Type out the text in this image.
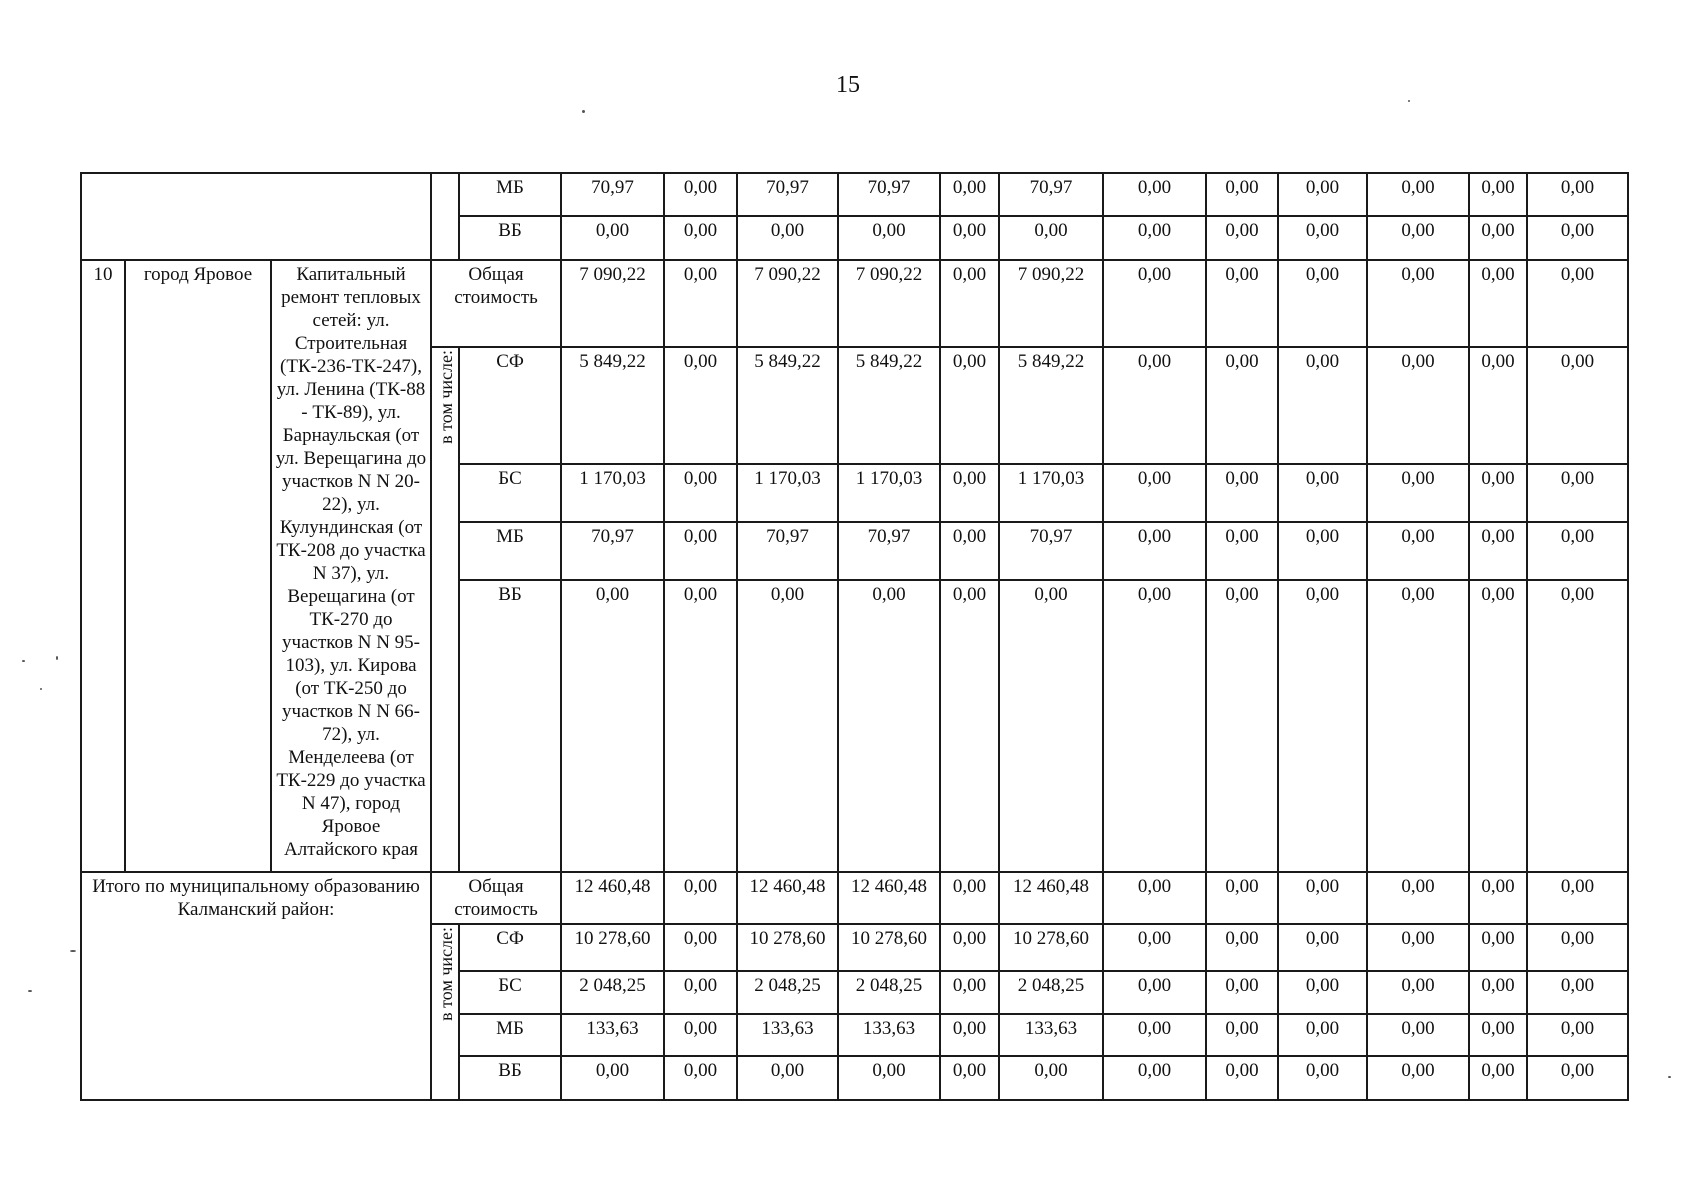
15
				МБ	70,97	0,00	70,97	70,97	0,00	70,97	0,00	0,00	0,00	0,00	0,00	0,00
				ВБ	0,00	0,00	0,00	0,00	0,00	0,00	0,00	0,00	0,00	0,00	0,00	0,00
10	город Яровое	Капитальный ремонт тепловых сетей: ул. Строительная (ТК-236-ТК-247), ул. Ленина (ТК-88 - ТК-89), ул. Барнаульская (от ул. Верещагина до участков N N 20-22), ул. Кулундинская (от ТК-208 до участка N 37), ул. Верещагина (от ТК-270 до участков N N 95-103), ул. Кирова (от ТК-250 до участков N N 66-72), ул. Менделеева (от ТК-229 до участка N 47), город Яровое Алтайского края	Общая стоимость		7 090,22	0,00	7 090,22	7 090,22	0,00	7 090,22	0,00	0,00	0,00	0,00	0,00	0,00
			в том числе:	СФ	5 849,22	0,00	5 849,22	5 849,22	0,00	5 849,22	0,00	0,00	0,00	0,00	0,00	0,00
				БС	1 170,03	0,00	1 170,03	1 170,03	0,00	1 170,03	0,00	0,00	0,00	0,00	0,00	0,00
				МБ	70,97	0,00	70,97	70,97	0,00	70,97	0,00	0,00	0,00	0,00	0,00	0,00
				ВБ	0,00	0,00	0,00	0,00	0,00	0,00	0,00	0,00	0,00	0,00	0,00	0,00
Итого по муниципальному образованию Калманский район:			Общая стоимость		12 460,48	0,00	12 460,48	12 460,48	0,00	12 460,48	0,00	0,00	0,00	0,00	0,00	0,00
			в том числе:	СФ	10 278,60	0,00	10 278,60	10 278,60	0,00	10 278,60	0,00	0,00	0,00	0,00	0,00	0,00
				БС	2 048,25	0,00	2 048,25	2 048,25	0,00	2 048,25	0,00	0,00	0,00	0,00	0,00	0,00
				МБ	133,63	0,00	133,63	133,63	0,00	133,63	0,00	0,00	0,00	0,00	0,00	0,00
				ВБ	0,00	0,00	0,00	0,00	0,00	0,00	0,00	0,00	0,00	0,00	0,00	0,00
